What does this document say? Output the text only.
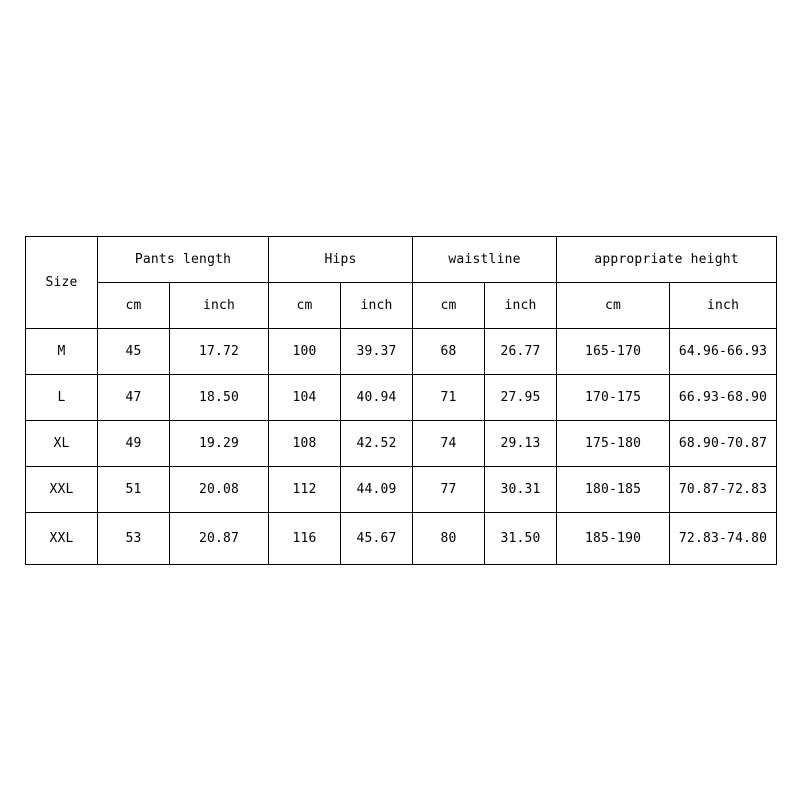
Size	Pants length		Hips		waistline		appropriate height	
	cm	inch	cm	inch	cm	inch	cm	inch
M	45	17.72	100	39.37	68	26.77	165-170	64.96-66.93
L	47	18.50	104	40.94	71	27.95	170-175	66.93-68.90
XL	49	19.29	108	42.52	74	29.13	175-180	68.90-70.87
XXL	51	20.08	112	44.09	77	30.31	180-185	70.87-72.83
XXL	53	20.87	116	45.67	80	31.50	185-190	72.83-74.80
